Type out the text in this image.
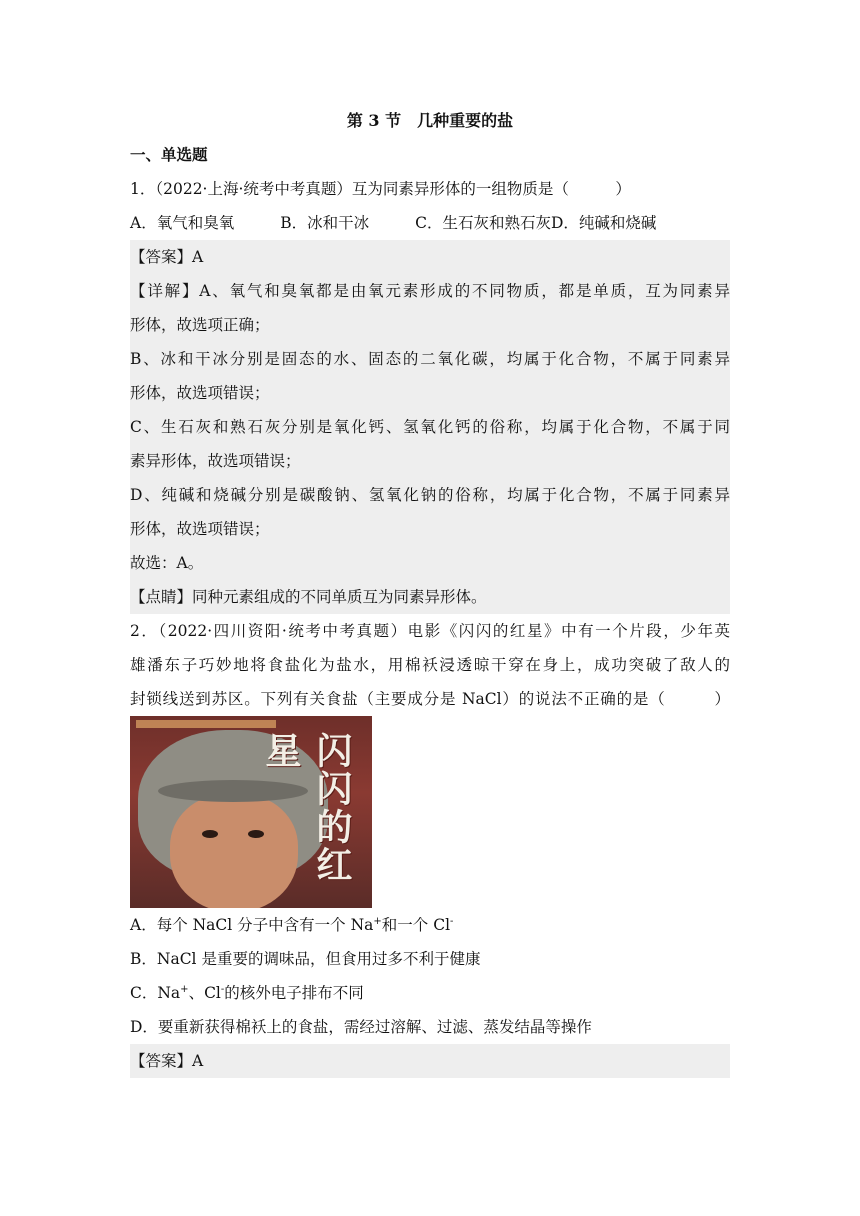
第 3 节　几种重要的盐
一、单选题
1．（2022·上海·统考中考真题）互为同素异形体的一组物质是（　　　）
A．氧气和臭氧	B．冰和干冰	C．生石灰和熟石灰 D．纯碱和烧碱
【答案】A
【详解】A、氧气和臭氧都是由氧元素形成的不同物质，都是单质，互为同素异
形体，故选项正确；
B、冰和干冰分别是固态的水、固态的二氧化碳，均属于化合物，不属于同素异
形体，故选项错误；
C、生石灰和熟石灰分别是氧化钙、氢氧化钙的俗称，均属于化合物，不属于同
素异形体，故选项错误；
D、纯碱和烧碱分别是碳酸钠、氢氧化钠的俗称，均属于化合物，不属于同素异
形体，故选项错误；
故选：A。
【点睛】同种元素组成的不同单质互为同素异形体。
2．（2022·四川资阳·统考中考真题）电影《闪闪的红星》中有一个片段，少年英
雄潘东子巧妙地将食盐化为盐水，用棉袄浸透晾干穿在身上，成功突破了敌人的
封锁线送到苏区。下列有关食盐（主要成分是 NaCl）的说法不正确的是（　　　）
闪闪的红星
A．每个 NaCl 分子中含有一个 Na+和一个 Cl-
B．NaCl 是重要的调味品，但食用过多不利于健康
C．Na+、Cl-的核外电子排布不同
D．要重新获得棉袄上的食盐，需经过溶解、过滤、蒸发结晶等操作
【答案】A
